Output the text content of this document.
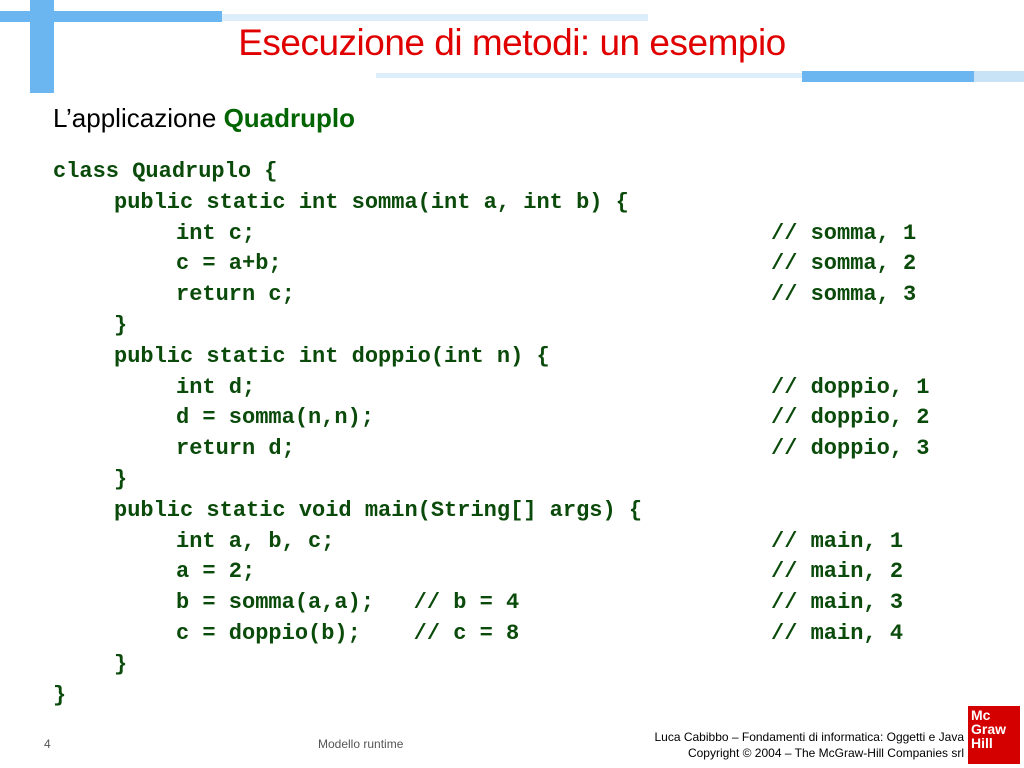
Esecuzione di metodi: un esempio
L’applicazione Quadruplo
class Quadruplo {
public static int somma(int a, int b) {
int c;	// somma, 1
c = a+b;	// somma, 2
return c;	// somma, 3
}
public static int doppio(int n) {
int d;	// doppio, 1
d = somma(n,n);	// doppio, 2
return d;	// doppio, 3
}
public static void main(String[] args) {
int a, b, c;	// main, 1
a = 2;	// main, 2
b = somma(a,a);   // b = 4	// main, 3
c = doppio(b);    // c = 8	// main, 4
}
}
4	Modello runtime	Luca Cabibbo – Fondamenti di informatica: Oggetti e Java
Copyright © 2004 – The McGraw-Hill Companies srl
Mc
Graw
Hill
